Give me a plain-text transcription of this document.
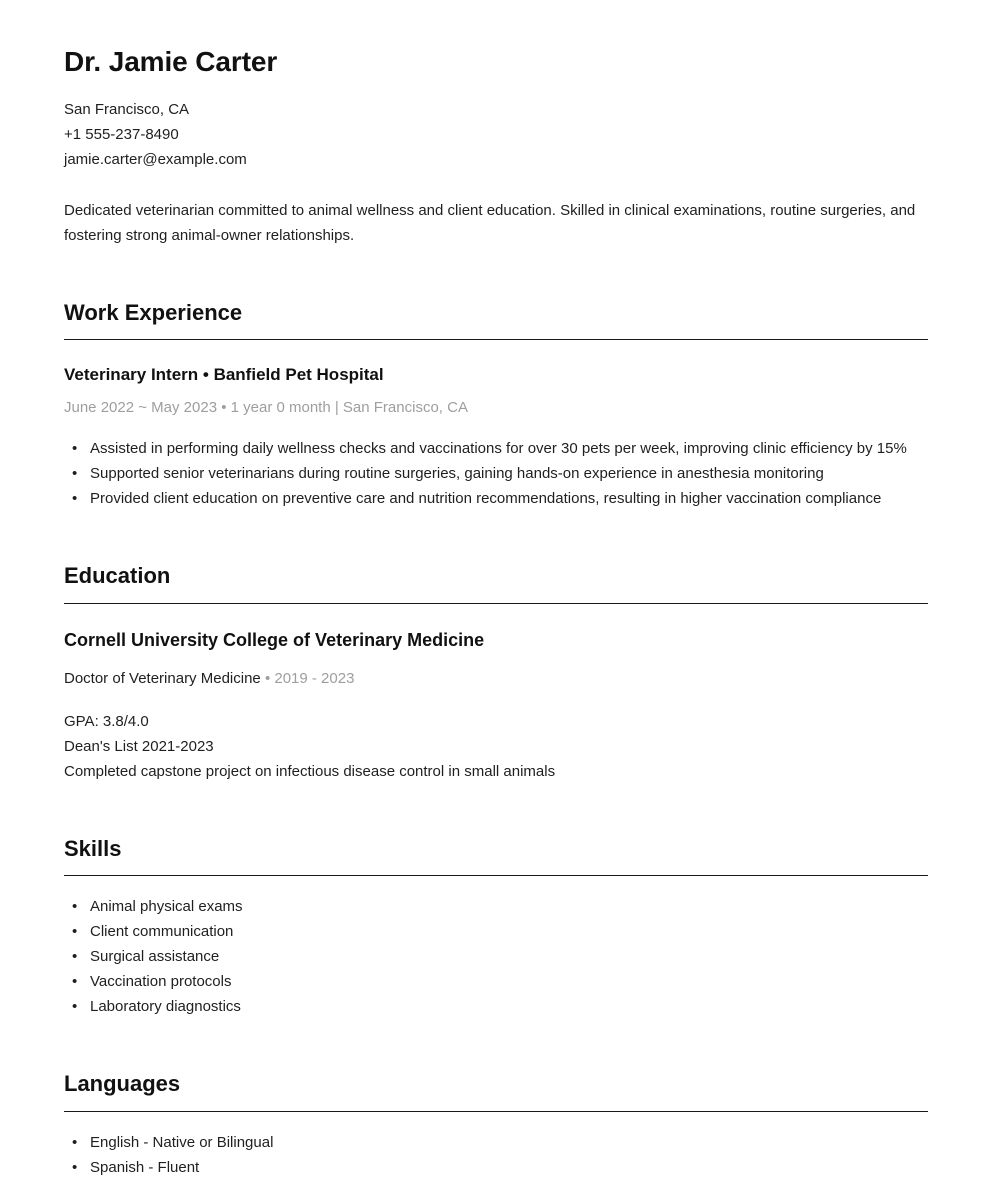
Dr. Jamie Carter
San Francisco, CA
+1 555-237-8490
jamie.carter@example.com

Dedicated veterinarian committed to animal wellness and client education. Skilled in clinical examinations, routine surgeries, and fostering strong animal-owner relationships.

Work Experience
Veterinary Intern • Banfield Pet Hospital
June 2022 ~ May 2023 • 1 year 0 month | San Francisco, CA
• Assisted in performing daily wellness checks and vaccinations for over 30 pets per week, improving clinic efficiency by 15%
• Supported senior veterinarians during routine surgeries, gaining hands-on experience in anesthesia monitoring
• Provided client education on preventive care and nutrition recommendations, resulting in higher vaccination compliance
Education
Cornell University College of Veterinary Medicine
Doctor of Veterinary Medicine • 2019 - 2023
GPA: 3.8/4.0
Dean's List 2021-2023
Completed capstone project on infectious disease control in small animals
Skills
• Animal physical exams
• Client communication
• Surgical assistance
• Vaccination protocols
• Laboratory diagnostics
Languages
• English - Native or Bilingual
• Spanish - Fluent
